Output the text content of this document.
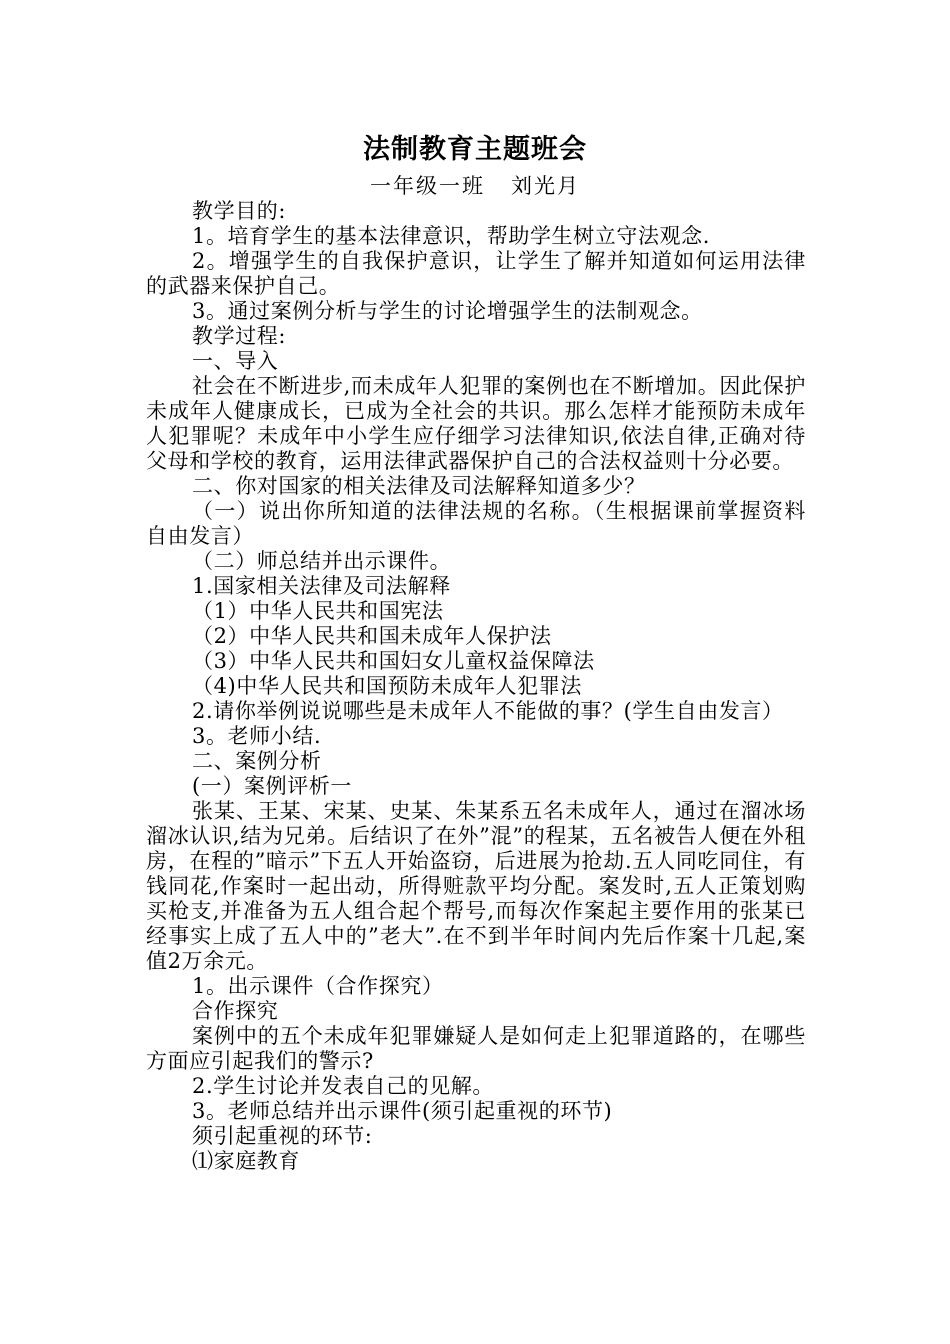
法制教育主题班会
一年级一班   刘光月

教学目的:

1。培育学生的基本法律意识，帮助学生树立守法观念.

2。增强学生的自我保护意识，让学生了解并知道如何运用法律的武器来保护自己。

3。通过案例分析与学生的讨论增强学生的法制观念。

教学过程:

一、导入

社会在不断进步,而未成年人犯罪的案例也在不断增加。因此保护未成年人健康成长，已成为全社会的共识。那么怎样才能预防未成年人犯罪呢？未成年中小学生应仔细学习法律知识,依法自律,正确对待父母和学校的教育，运用法律武器保护自己的合法权益则十分必要。

二、你对国家的相关法律及司法解释知道多少？

（一）说出你所知道的法律法规的名称。（生根据课前掌握资料自由发言）

（二）师总结并出示课件。

1.国家相关法律及司法解释

（1）中华人民共和国宪法

（2）中华人民共和国未成年人保护法

（3）中华人民共和国妇女儿童权益保障法

（4)中华人民共和国预防未成年人犯罪法

2.请你举例说说哪些是未成年人不能做的事？(学生自由发言）

3。老师小结.

二、案例分析

(一）案例评析一

张某、王某、宋某、史某、朱某系五名未成年人，通过在溜冰场溜冰认识,结为兄弟。后结识了在外”混”的程某，五名被告人便在外租房，在程的”暗示”下五人开始盗窃，后进展为抢劫.五人同吃同住，有钱同花,作案时一起出动，所得赃款平均分配。案发时,五人正策划购买枪支,并准备为五人组合起个帮号,而每次作案起主要作用的张某已经事实上成了五人中的”老大”.在不到半年时间内先后作案十几起,案值2万余元。

1。出示课件（合作探究）

合作探究

案例中的五个未成年犯罪嫌疑人是如何走上犯罪道路的，在哪些方面应引起我们的警示?

2.学生讨论并发表自己的见解。

3。老师总结并出示课件(须引起重视的环节)

须引起重视的环节:

⑴家庭教育
